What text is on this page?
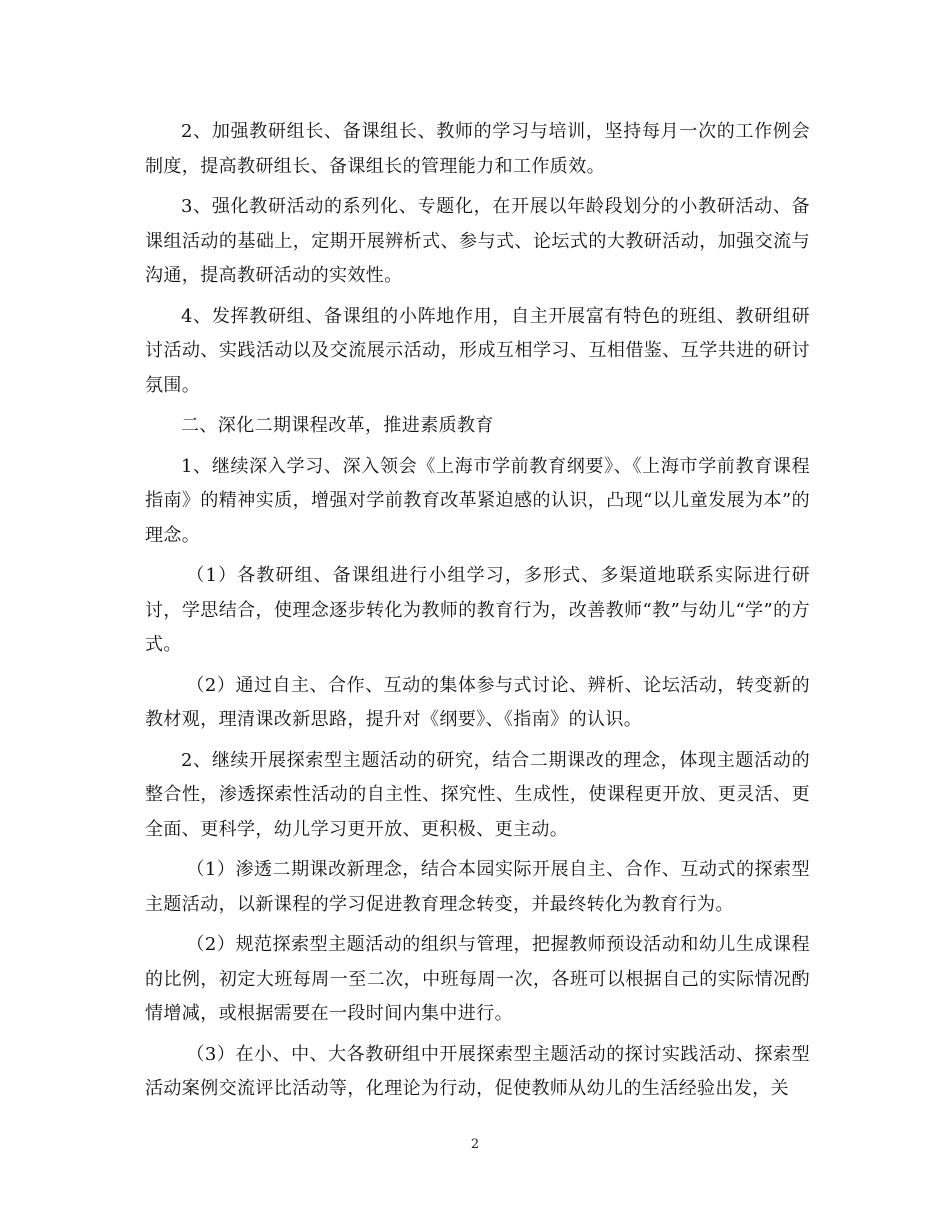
2、加强教研组长、备课组长、教师的学习与培训，坚持每月一次的工作例会制度，提高教研组长、备课组长的管理能力和工作质效。

3、强化教研活动的系列化、专题化，在开展以年龄段划分的小教研活动、备课组活动的基础上，定期开展辨析式、参与式、论坛式的大教研活动，加强交流与沟通，提高教研活动的实效性。

4、发挥教研组、备课组的小阵地作用，自主开展富有特色的班组、教研组研讨活动、实践活动以及交流展示活动，形成互相学习、互相借鉴、互学共进的研讨氛围。

二、深化二期课程改革，推进素质教育

1、继续深入学习、深入领会《上海市学前教育纲要》、《上海市学前教育课程指南》的精神实质，增强对学前教育改革紧迫感的认识，凸现“以儿童发展为本”的理念。

（1）各教研组、备课组进行小组学习，多形式、多渠道地联系实际进行研讨，学思结合，使理念逐步转化为教师的教育行为，改善教师“教”与幼儿“学”的方式。

（2）通过自主、合作、互动的集体参与式讨论、辨析、论坛活动，转变新的教材观，理清课改新思路，提升对《纲要》、《指南》的认识。

2、继续开展探索型主题活动的研究，结合二期课改的理念，体现主题活动的整合性，渗透探索性活动的自主性、探究性、生成性，使课程更开放、更灵活、更全面、更科学，幼儿学习更开放、更积极、更主动。

（1）渗透二期课改新理念，结合本园实际开展自主、合作、互动式的探索型主题活动，以新课程的学习促进教育理念转变，并最终转化为教育行为。

（2）规范探索型主题活动的组织与管理，把握教师预设活动和幼儿生成课程的比例，初定大班每周一至二次，中班每周一次，各班可以根据自己的实际情况酌情增减，或根据需要在一段时间内集中进行。

（3）在小、中、大各教研组中开展探索型主题活动的探讨实践活动、探索型活动案例交流评比活动等，化理论为行动，促使教师从幼儿的生活经验出发，关

2
